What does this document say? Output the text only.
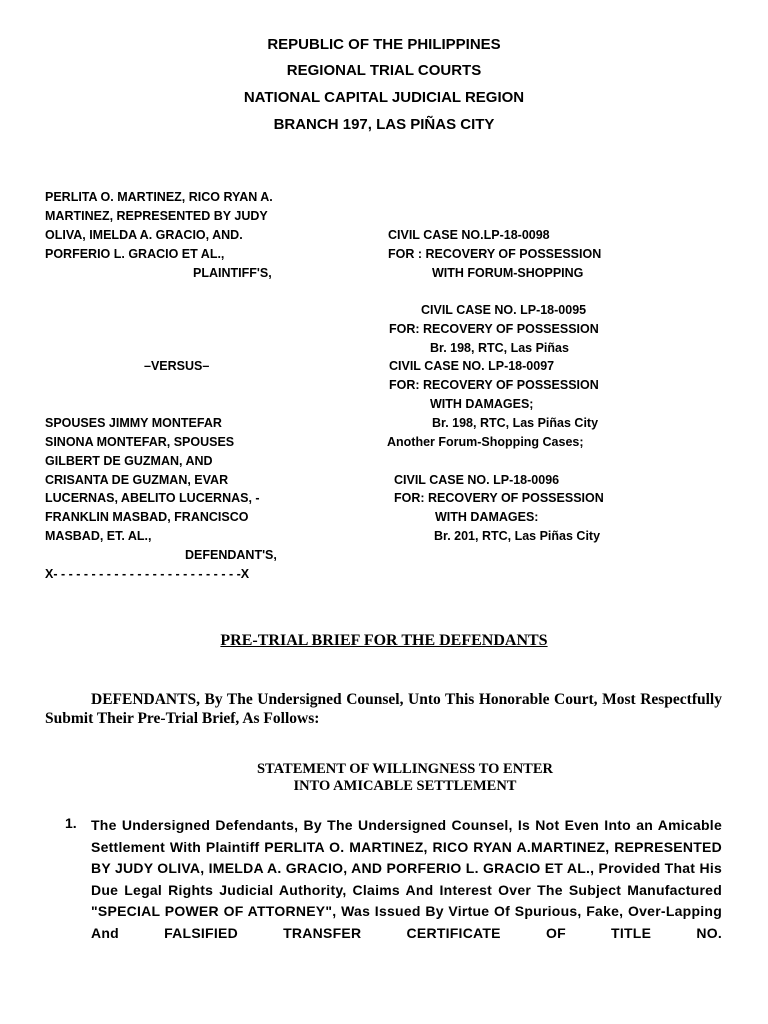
REPUBLIC OF THE PHILIPPINES
REGIONAL TRIAL COURTS
NATIONAL CAPITAL JUDICIAL REGION
BRANCH 197, LAS PIÑAS CITY
PERLITA O. MARTINEZ, RICO RYAN A.
MARTINEZ, REPRESENTED BY JUDY
OLIVA, IMELDA A. GRACIO, AND.
PORFERIO L. GRACIO ET AL.,
PLAINTIFF'S,
CIVIL CASE NO.LP-18-0098
FOR : RECOVERY OF POSSESSION
WITH FORUM-SHOPPING
CIVIL CASE NO. LP-18-0095
FOR: RECOVERY OF POSSESSION
Br. 198, RTC, Las Piñas
–VERSUS–	CIVIL CASE NO. LP-18-0097
FOR: RECOVERY OF POSSESSION
WITH DAMAGES;
Br. 198, RTC, Las Piñas City
Another Forum-Shopping Cases;
SPOUSES JIMMY MONTEFAR
SINONA MONTEFAR, SPOUSES
GILBERT DE GUZMAN, AND
CRISANTA DE GUZMAN, EVAR
LUCERNAS, ABELITO LUCERNAS, -
FRANKLIN MASBAD, FRANCISCO
MASBAD, ET. AL.,
DEFENDANT'S,
X- - - - - - - - - - - - - - - - - - - - - - - - -X
CIVIL CASE NO. LP-18-0096
FOR: RECOVERY OF POSSESSION
WITH DAMAGES:
Br. 201, RTC, Las Piñas City
PRE-TRIAL BRIEF FOR THE DEFENDANTS
DEFENDANTS, By The Undersigned Counsel, Unto This Honorable Court, Most Respectfully Submit Their Pre-Trial Brief, As Follows:
STATEMENT OF WILLINGNESS TO ENTER
INTO AMICABLE SETTLEMENT
1. The Undersigned Defendants, By The Undersigned Counsel, Is Not Even Into an Amicable Settlement With Plaintiff PERLITA O. MARTINEZ, RICO RYAN A.MARTINEZ, REPRESENTED BY JUDY OLIVA, IMELDA A. GRACIO, AND PORFERIO L. GRACIO ET AL., Provided That His Due Legal Rights Judicial Authority, Claims And Interest Over The Subject Manufactured "SPECIAL POWER OF ATTORNEY", Was Issued By Virtue Of Spurious, Fake, Over-Lapping And FALSIFIED TRANSFER CERTIFICATE OF TITLE NO.
